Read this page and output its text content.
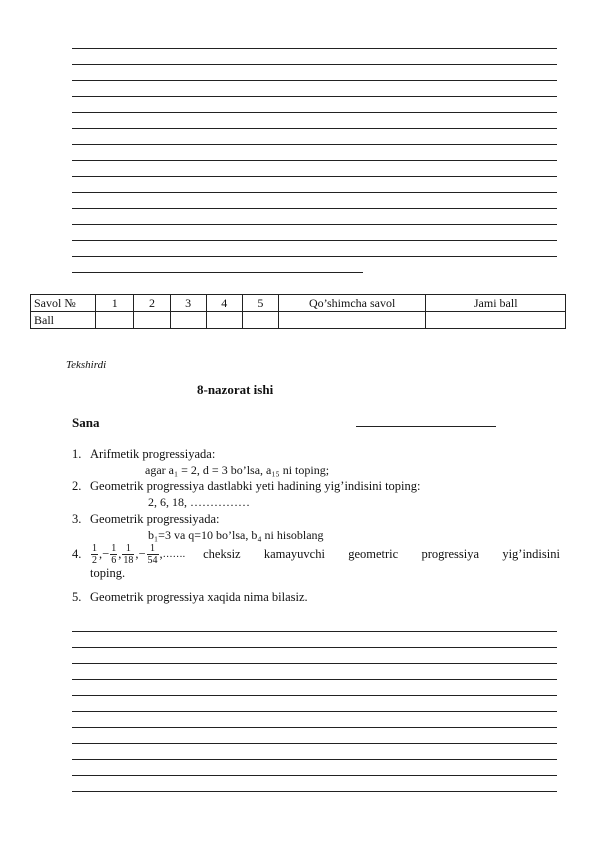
Savol №	1	2	3	4	5	Qo’shimcha savol	Jami ball
Ball							
Tekshirdi
8-nazorat ishi
Sana
1. Arifmetik progressiyada:
agar a₁ = 2, d = 3 bo’lsa, a₁₅ ni toping;
2. Geometrik progressiya dastlabki yeti hadining yig’indisini toping:
2, 6, 18, ……………
3. Geometrik progressiyada:
b₁=3 va q=10 bo’lsa, b₄ ni hisoblang
4. $\frac{1}{2}$ , − $\frac{1}{6}$ , $\frac{1}{18}$ , − $\frac{1}{54}$ , ……. cheksiz kamayuvchi geometric progressiya yig’indisini
toping.
5. Geometrik progressiya xaqida nima bilasiz.
